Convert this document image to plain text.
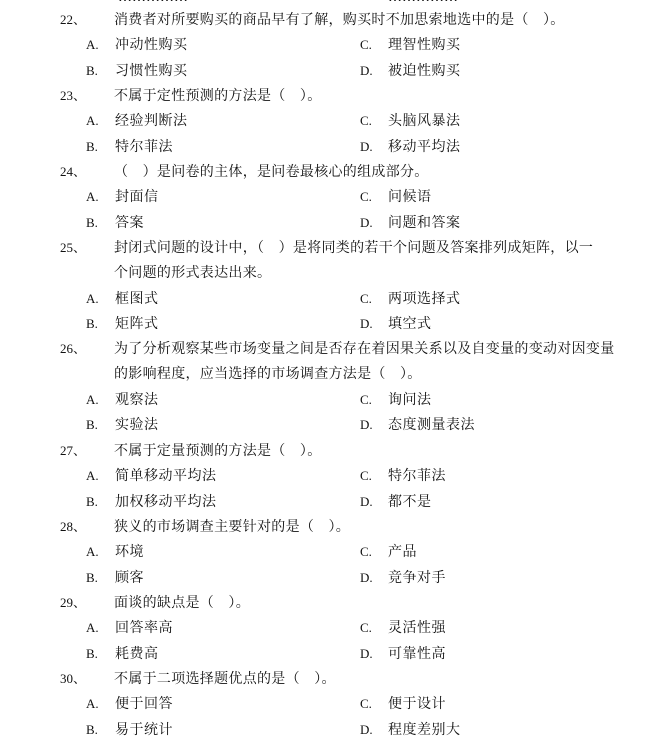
22、 消费者对所要购买的商品早有了解，购买时不加思索地选中的是（　）。
A. 冲动性购买	C. 理智性购买
B. 习惯性购买	D. 被迫性购买
23、 不属于定性预测的方法是（　）。
A. 经验判断法	C. 头脑风暴法
B. 特尔菲法	D. 移动平均法
24、 （　）是问卷的主体，是问卷最核心的组成部分。
A. 封面信	C. 问候语
B. 答案	D. 问题和答案
25、 封闭式问题的设计中，（　）是将同类的若干个问题及答案排列成矩阵，以一
个问题的形式表达出来。
A. 框图式	C. 两项选择式
B. 矩阵式	D. 填空式
26、 为了分析观察某些市场变量之间是否存在着因果关系以及自变量的变动对因变量
的影响程度，应当选择的市场调查方法是（　）。
A. 观察法	C. 询问法
B. 实验法	D. 态度测量表法
27、 不属于定量预测的方法是（　）。
A. 简单移动平均法	C. 特尔菲法
B. 加权移动平均法	D. 都不是
28、 狭义的市场调查主要针对的是（　）。
A. 环境	C. 产品
B. 顾客	D. 竞争对手
29、 面谈的缺点是（　）。
A. 回答率高	C. 灵活性强
B. 耗费高	D. 可靠性高
30、 不属于二项选择题优点的是（　）。
A. 便于回答	C. 便于设计
B. 易于统计	D. 程度差别大
